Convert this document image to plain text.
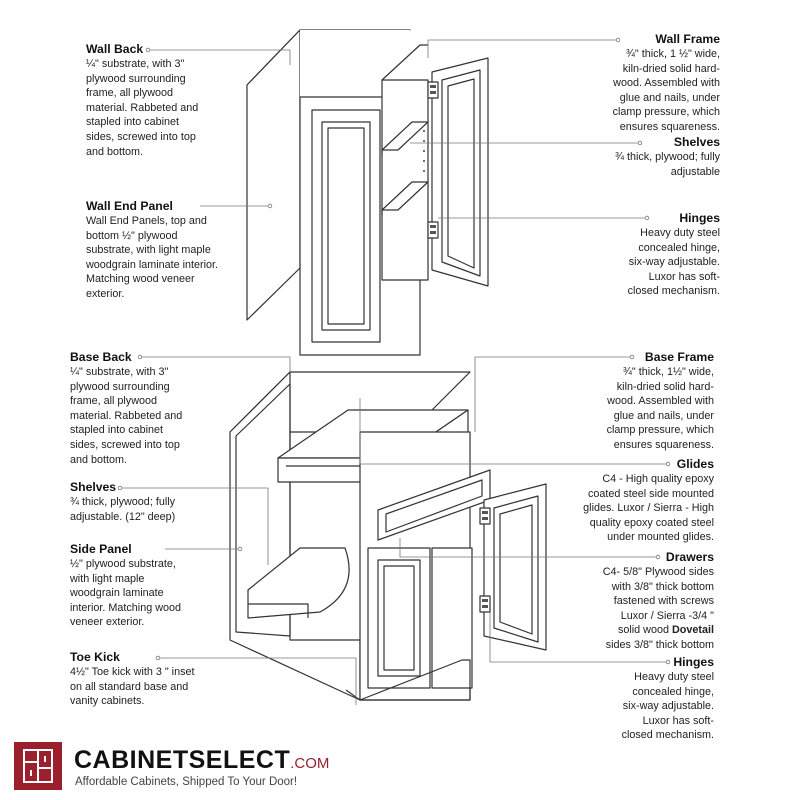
Wall Back
¼" substrate, with 3"
plywood surrounding
frame, all plywood
material. Rabbeted and
stapled into cabinet
sides, screwed into top
and bottom.
Wall End Panel
Wall End Panels, top and
bottom ½" plywood
substrate, with light maple
woodgrain laminate interior.
Matching wood veneer
exterior.
Wall Frame
¾" thick, 1 ½" wide,
kiln-dried solid hard-
wood. Assembled with
glue and nails, under
clamp pressure, which
ensures squareness.
Shelves
¾ thick, plywood; fully
adjustable
Hinges
Heavy duty steel
concealed hinge,
six-way adjustable.
Luxor has soft-
closed mechanism.
Base Back
¼" substrate, with 3"
plywood surrounding
frame, all plywood
material. Rabbeted and
stapled into cabinet
sides, screwed into top
and bottom.
Shelves
¾ thick, plywood; fully
adjustable. (12" deep)
Side Panel
½" plywood substrate,
with light maple
woodgrain laminate
interior. Matching wood
veneer exterior.
Toe Kick
4½" Toe kick with 3 " inset
on all standard base and
vanity cabinets.
Base Frame
¾" thick, 1½" wide,
kiln-dried solid hard-
wood. Assembled with
glue and nails, under
clamp pressure, which
ensures squareness.
Glides
C4 - High quality epoxy
coated steel side mounted
glides. Luxor / Sierra - High
quality epoxy coated steel
under mounted glides.
Drawers
C4- 5/8" Plywood sides
with 3/8" thick bottom
fastened with screws
Luxor / Sierra -3/4 "
solid wood Dovetail
sides 3/8" thick bottom
Hinges
Heavy duty steel
concealed hinge,
six-way adjustable.
Luxor has soft-
closed mechanism.
CABINETSELECT.COM
Affordable Cabinets, Shipped To Your Door!
